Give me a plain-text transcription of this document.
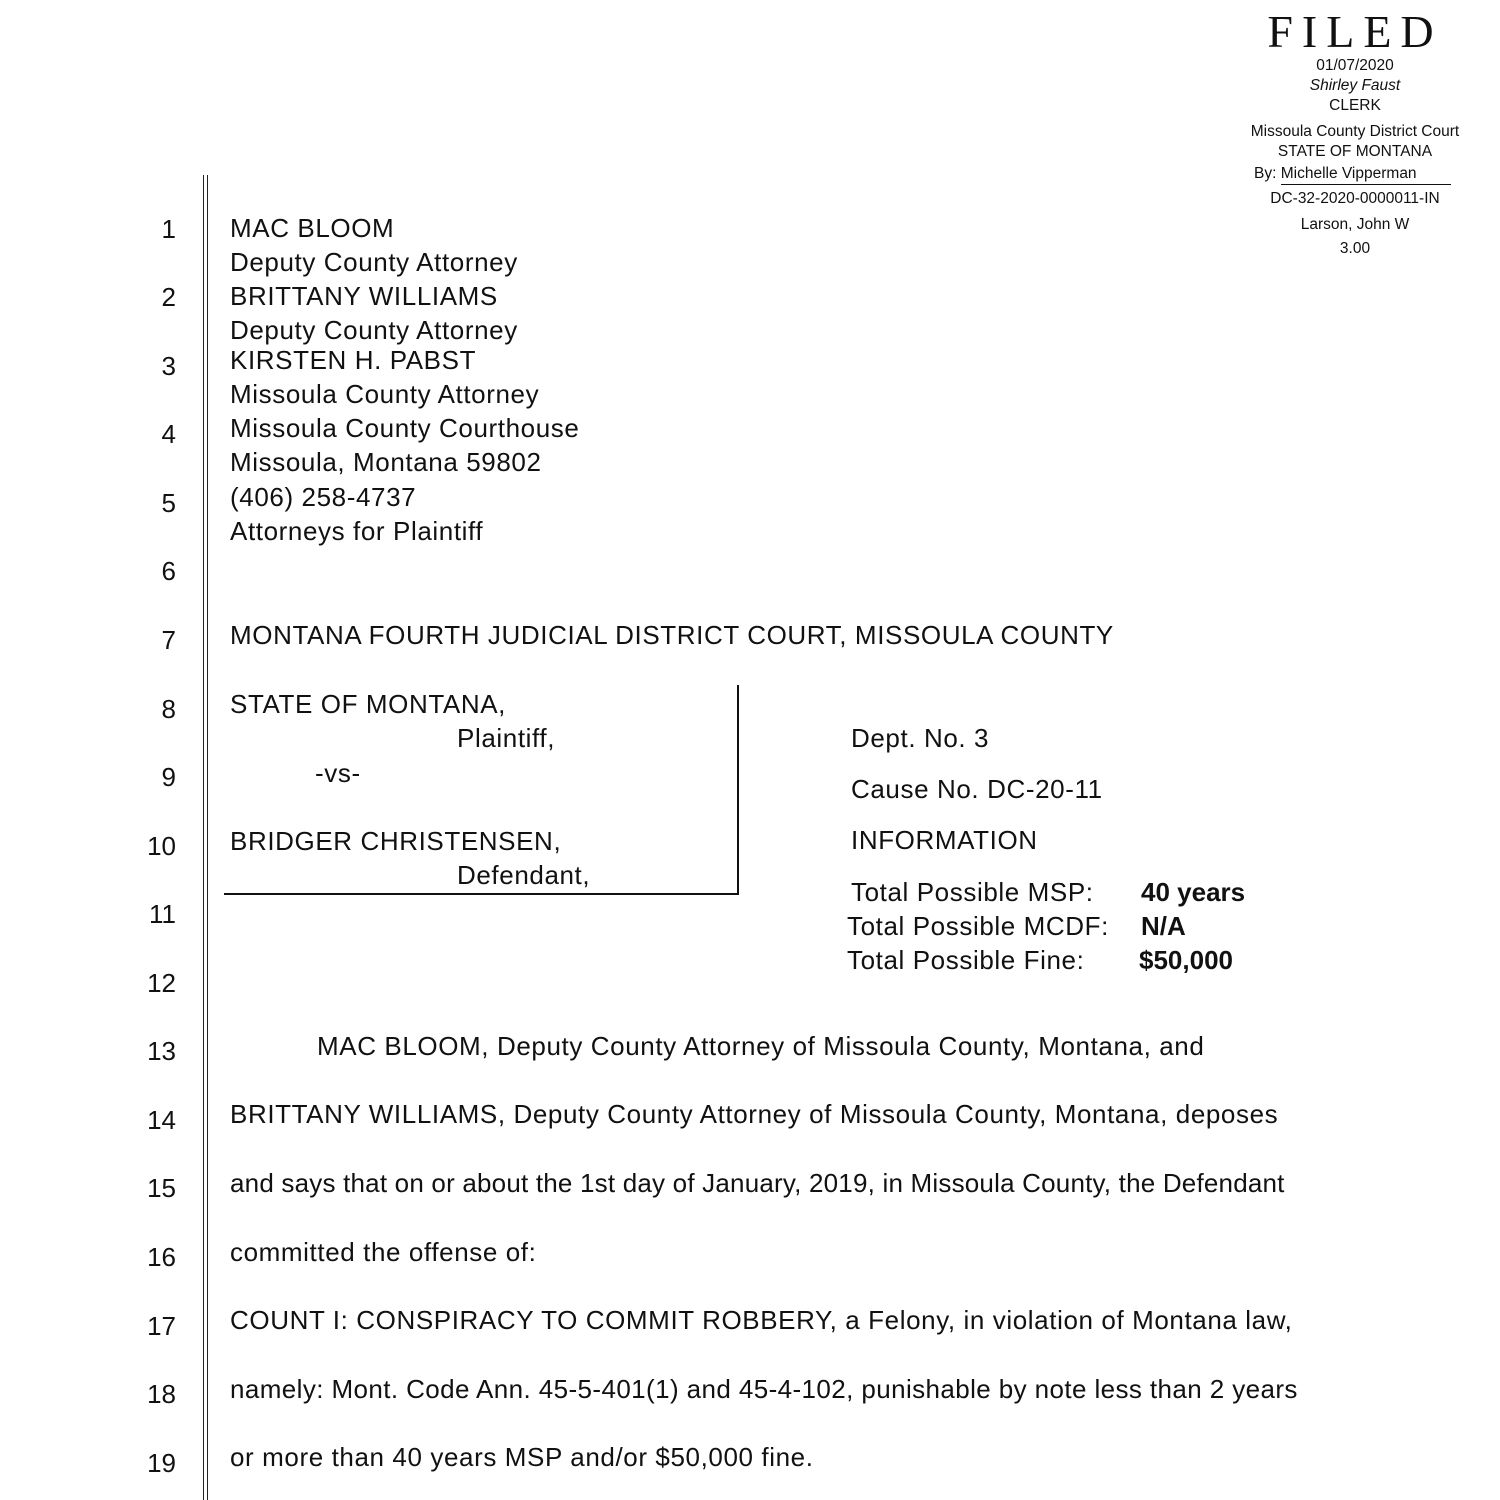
FILED
01/07/2020
Shirley Faust
CLERK
Missoula County District Court
STATE OF MONTANA
By: Michelle Vipperman
DC-32-2020-0000011-IN
Larson, John W
3.00
1
2
3
4
5
6
7
8
9
10
11
12
13
14
15
16
17
18
19
MAC BLOOM
Deputy County Attorney
BRITTANY WILLIAMS
Deputy County Attorney
KIRSTEN H. PABST
Missoula County Attorney
Missoula County Courthouse
Missoula, Montana 59802
(406) 258-4737
Attorneys for Plaintiff
MONTANA FOURTH JUDICIAL DISTRICT COURT, MISSOULA COUNTY
STATE OF MONTANA,
Plaintiff,
-vs-
BRIDGER CHRISTENSEN,
Defendant,
Dept. No. 3
Cause No. DC-20-11
INFORMATION
Total Possible MSP: 40 years
Total Possible MCDF: N/A
Total Possible Fine: $50,000
MAC BLOOM, Deputy County Attorney of Missoula County, Montana, and
BRITTANY WILLIAMS, Deputy County Attorney of Missoula County, Montana, deposes
and says that on or about the 1st day of January, 2019, in Missoula County, the Defendant
committed the offense of:
COUNT I: CONSPIRACY TO COMMIT ROBBERY, a Felony, in violation of Montana law,
namely: Mont. Code Ann. 45-5-401(1) and 45-4-102, punishable by note less than 2 years
or more than 40 years MSP and/or $50,000 fine.
